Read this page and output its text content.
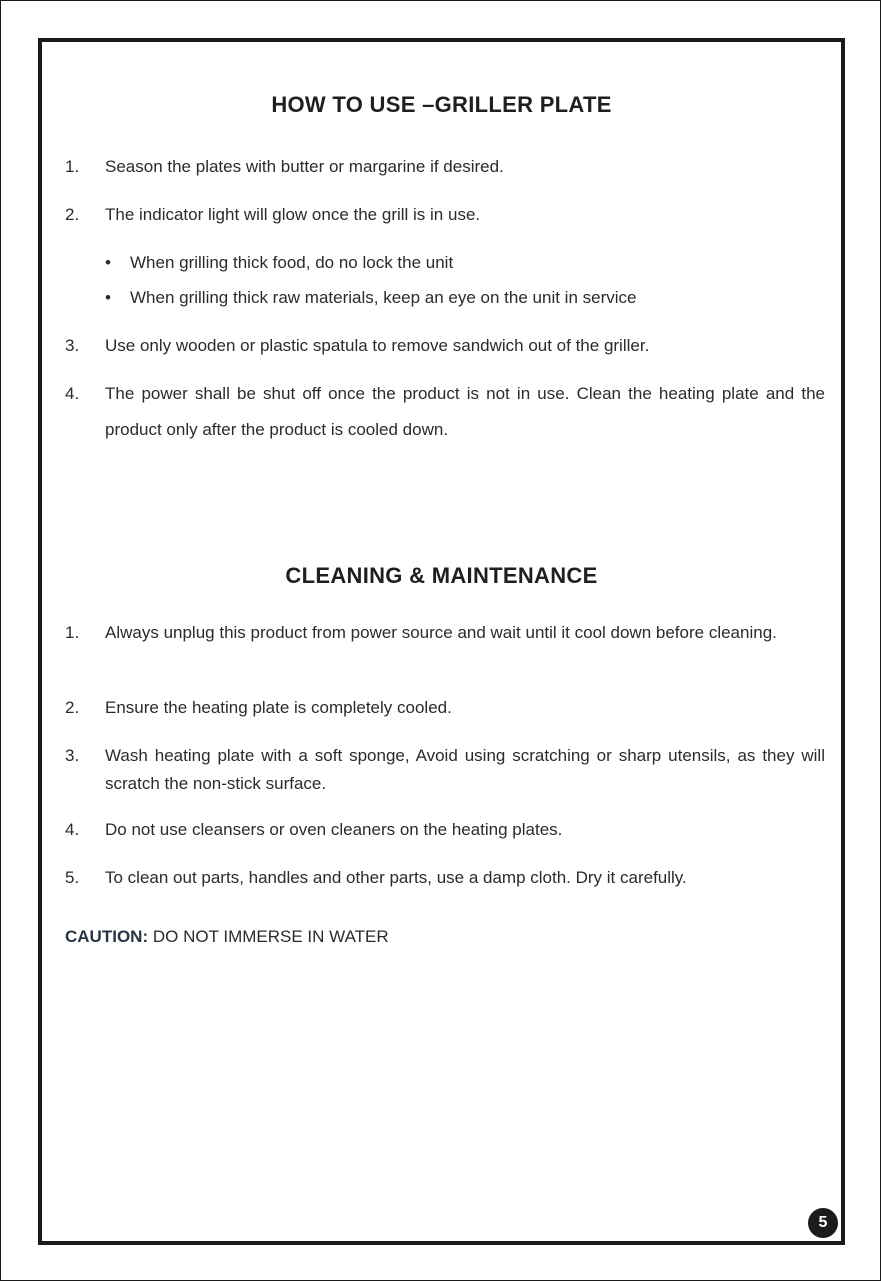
HOW TO USE –GRILLER PLATE
1. Season the plates with butter or margarine if desired.
2. The indicator light will glow once the grill is in use.
• When grilling thick food, do no lock the unit
• When grilling thick raw materials, keep an eye on the unit in service
3. Use only wooden or plastic spatula to remove sandwich out of the griller.
4. The power shall be shut off once the product is not in use. Clean the heating plate and the product only after the product is cooled down.
CLEANING & MAINTENANCE
1. Always unplug this product from power source and wait until it cool down before cleaning.
2. Ensure the heating plate is completely cooled.
3. Wash heating plate with a soft sponge, Avoid using scratching or sharp utensils, as they will scratch the non-stick surface.
4. Do not use cleansers or oven cleaners on the heating plates.
5. To clean out parts, handles and other parts, use a damp cloth. Dry it carefully.
CAUTION: DO NOT IMMERSE IN WATER
5
